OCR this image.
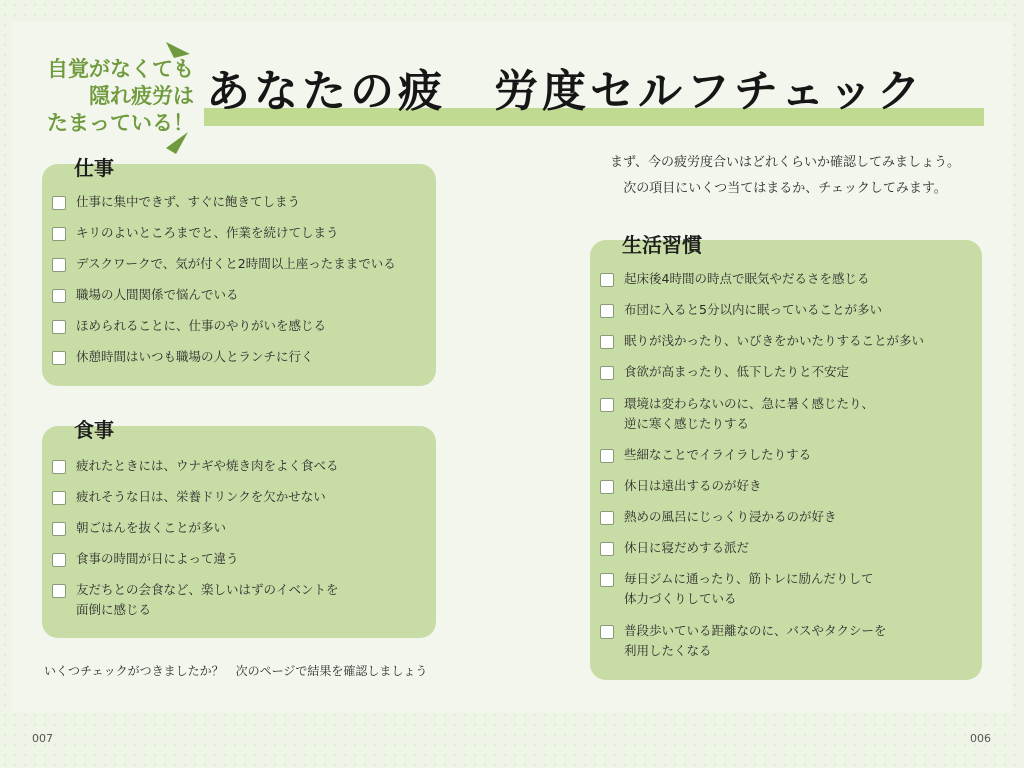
自覚がなくても
隠れ疲労は
たまっている！
あなたの疲　労度セルフチェック
まず、今の疲労度合いはどれくらいか確認してみましょう。
次の項目にいくつ当てはまるか、チェックしてみます。
仕事に集中できず、すぐに飽きてしまう
キリのよいところまでと、作業を続けてしまう
デスクワークで、気が付くと2時間以上座ったままでいる
職場の人間関係で悩んでいる
ほめられることに、仕事のやりがいを感じる
休憩時間はいつも職場の人とランチに行く
仕事
疲れたときには、ウナギや焼き肉をよく食べる
疲れそうな日は、栄養ドリンクを欠かせない
朝ごはんを抜くことが多い
食事の時間が日によって違う
友だちとの会食など、楽しいはずのイベントを
面倒に感じる
食事
いくつチェックがつきましたか？　次のページで結果を確認しましょう
起床後4時間の時点で眠気やだるさを感じる
布団に入ると5分以内に眠っていることが多い
眠りが浅かったり、いびきをかいたりすることが多い
食欲が高まったり、低下したりと不安定
環境は変わらないのに、急に暑く感じたり、
逆に寒く感じたりする
些細なことでイライラしたりする
休日は遠出するのが好き
熱めの風呂にじっくり浸かるのが好き
休日に寝だめする派だ
毎日ジムに通ったり、筋トレに励んだりして
体力づくりしている
普段歩いている距離なのに、バスやタクシーを
利用したくなる
生活習慣
007	006
